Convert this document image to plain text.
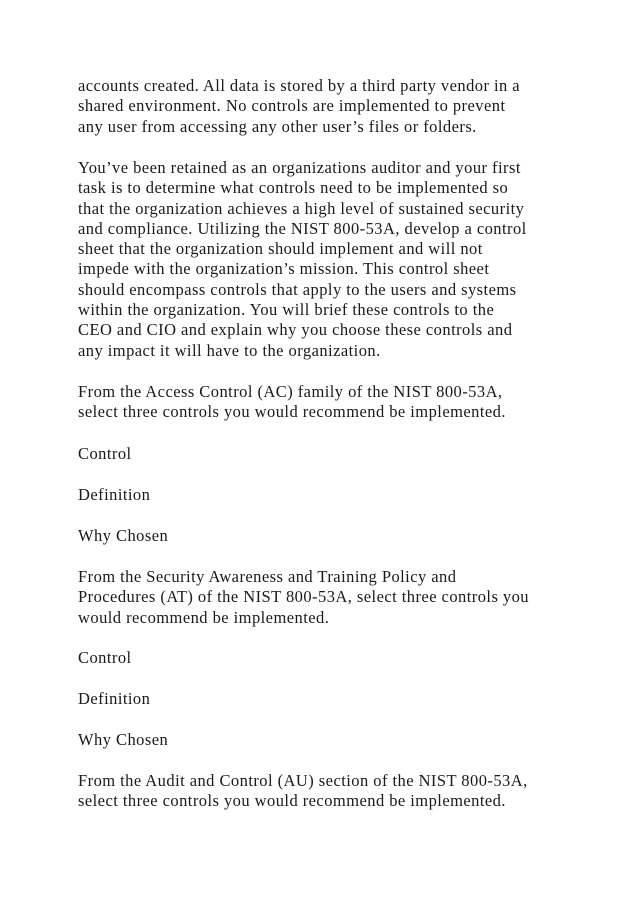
accounts created. All data is stored by a third party vendor in a
shared environment. No controls are implemented to prevent
any user from accessing any other user’s files or folders.

You’ve been retained as an organizations auditor and your first
task is to determine what controls need to be implemented so
that the organization achieves a high level of sustained security
and compliance. Utilizing the NIST 800-53A, develop a control
sheet that the organization should implement and will not
impede with the organization’s mission. This control sheet
should encompass controls that apply to the users and systems
within the organization. You will brief these controls to the
CEO and CIO and explain why you choose these controls and
any impact it will have to the organization.

From the Access Control (AC) family of the NIST 800-53A,
select three controls you would recommend be implemented.

Control

Definition

Why Chosen

From the Security Awareness and Training Policy and
Procedures (AT) of the NIST 800-53A, select three controls you
would recommend be implemented.

Control

Definition

Why Chosen

From the Audit and Control (AU) section of the NIST 800-53A,
select three controls you would recommend be implemented.
